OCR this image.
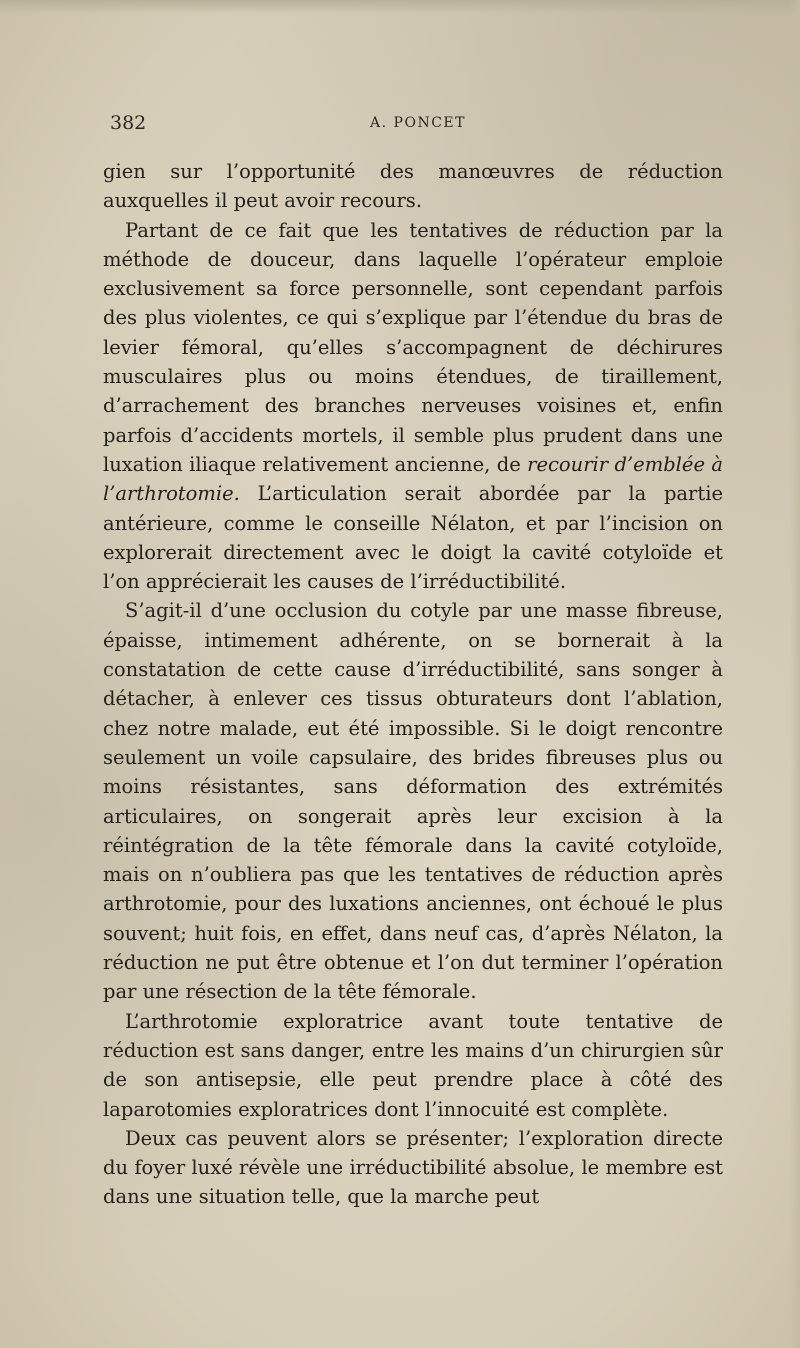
382	A. PONCET

gien sur l’opportunité des manœuvres de réduction auxquelles il peut avoir recours.

Partant de ce fait que les tentatives de réduction par la méthode de douceur, dans laquelle l’opérateur emploie exclusivement sa force personnelle, sont cependant parfois des plus violentes, ce qui s’explique par l’étendue du bras de levier fémoral, qu’elles s’accompagnent de déchirures musculaires plus ou moins étendues, de tiraillement, d’arrachement des branches nerveuses voisines et, enfin parfois d’accidents mortels, il semble plus prudent dans une luxation iliaque relativement ancienne, de recourir d’emblée à l’arthrotomie. L’articulation serait abordée par la partie antérieure, comme le conseille Nélaton, et par l’incision on explorerait directement avec le doigt la cavité cotyloïde et l’on apprécierait les causes de l’irréductibilité.

S’agit-il d’une occlusion du cotyle par une masse fibreuse, épaisse, intimement adhérente, on se bornerait à la constatation de cette cause d’irréductibilité, sans songer à détacher, à enlever ces tissus obturateurs dont l’ablation, chez notre malade, eut été impossible. Si le doigt rencontre seulement un voile capsulaire, des brides fibreuses plus ou moins résistantes, sans déformation des extrémités articulaires, on songerait après leur excision à la réintégration de la tête fémorale dans la cavité cotyloïde, mais on n’oubliera pas que les tentatives de réduction après arthrotomie, pour des luxations anciennes, ont échoué le plus souvent; huit fois, en effet, dans neuf cas, d’après Nélaton, la réduction ne put être obtenue et l’on dut terminer l’opération par une résection de la tête fémorale.

L’arthrotomie exploratrice avant toute tentative de réduction est sans danger, entre les mains d’un chirurgien sûr de son antisepsie, elle peut prendre place à côté des laparotomies exploratrices dont l’innocuité est complète.

Deux cas peuvent alors se présenter; l’exploration directe du foyer luxé révèle une irréductibilité absolue, le membre est dans une situation telle, que la marche peut
